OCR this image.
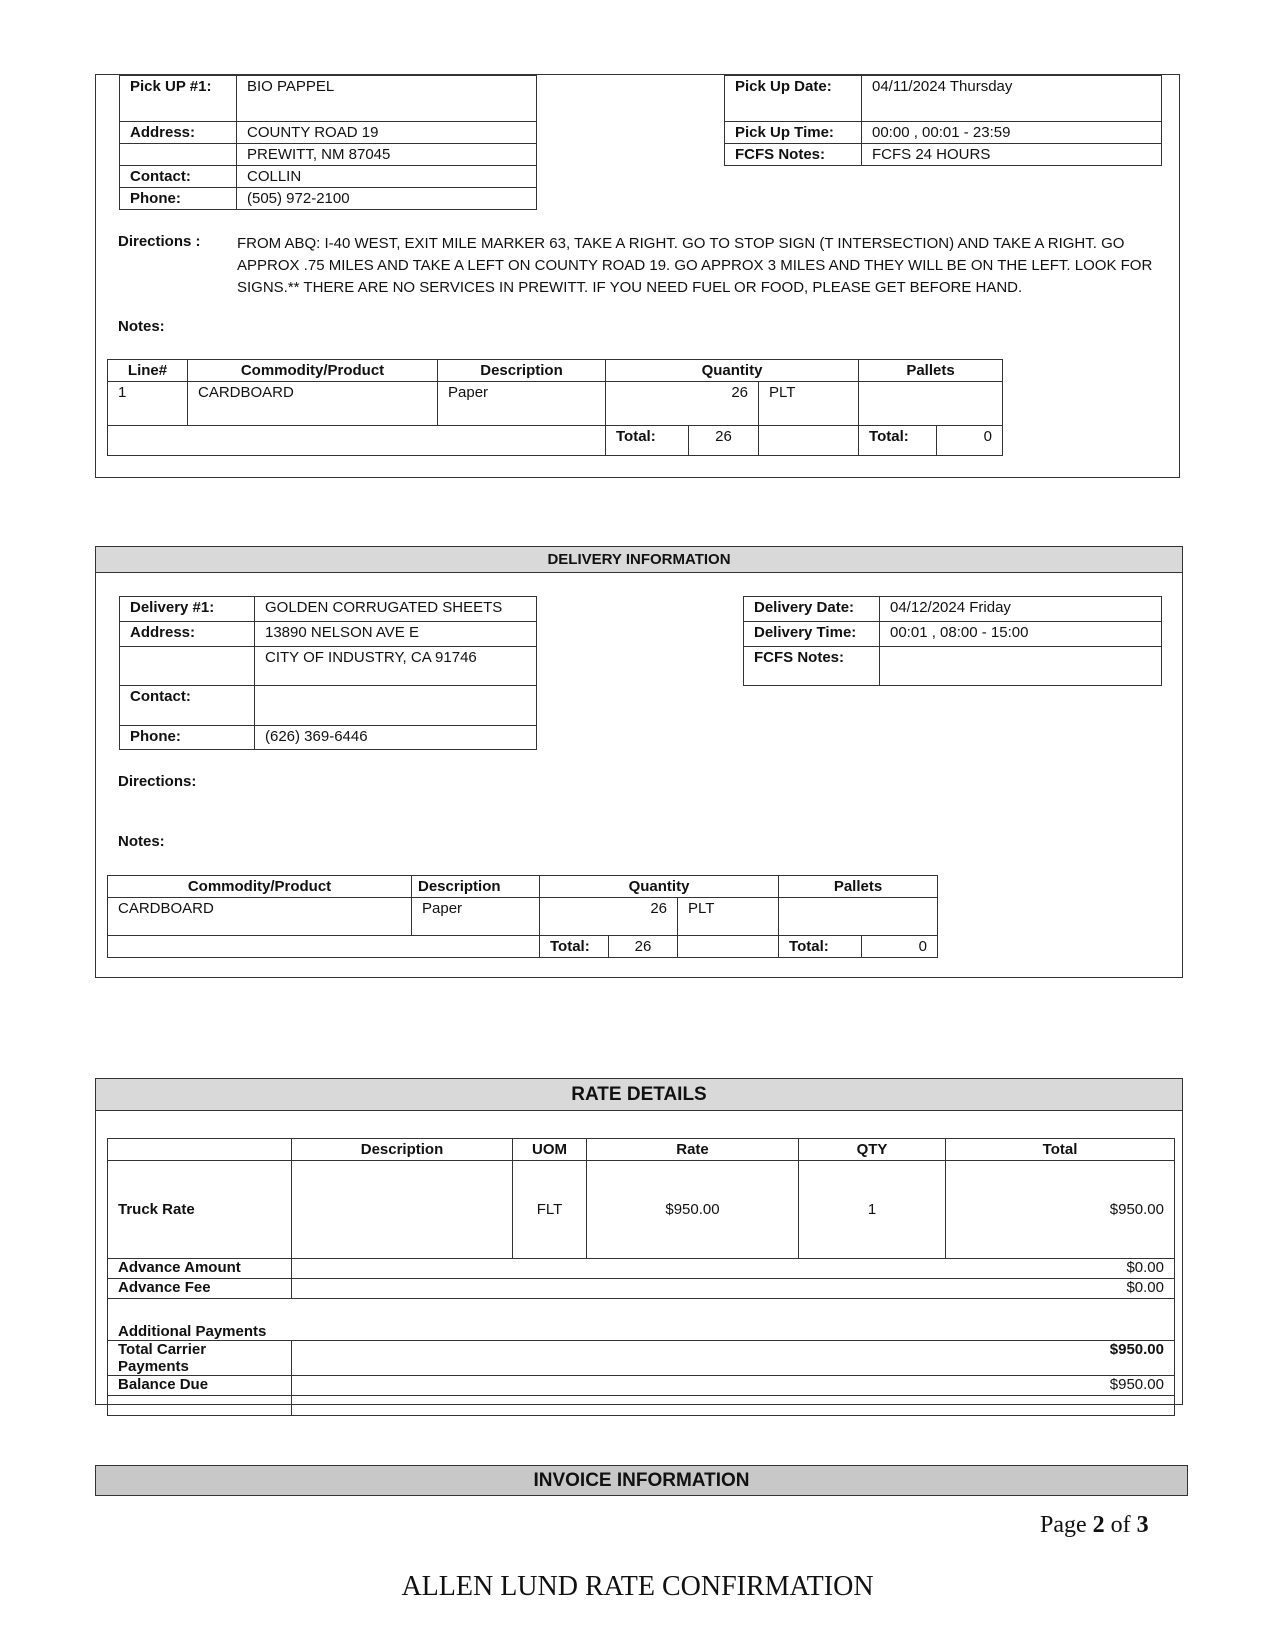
Pick UP #1:	BIO PAPPEL
Address:	COUNTY ROAD 19
	PREWITT, NM 87045
Contact:	COLLIN
Phone:	(505) 972-2100
Pick Up Date:	04/11/2024 Thursday
Pick Up Time:	00:00 , 00:01 - 23:59
FCFS Notes:	FCFS 24 HOURS
Directions : FROM ABQ: I-40 WEST, EXIT MILE MARKER 63, TAKE A RIGHT. GO TO STOP SIGN (T INTERSECTION) AND TAKE A RIGHT. GO APPROX .75 MILES AND TAKE A LEFT ON COUNTY ROAD 19. GO APPROX 3 MILES AND THEY WILL BE ON THE LEFT. LOOK FOR SIGNS.** THERE ARE NO SERVICES IN PREWITT. IF YOU NEED FUEL OR FOOD, PLEASE GET BEFORE HAND.
Notes:
Line#	Commodity/Product	Description	Quantity			Pallets	
1	CARDBOARD	Paper	26		PLT		
			Total:	26		Total:	0
DELIVERY INFORMATION
Delivery #1:	GOLDEN CORRUGATED SHEETS
Address:	13890 NELSON AVE E
	CITY OF INDUSTRY, CA 91746
Contact:	
Phone:	(626) 369-6446
Delivery Date:	04/12/2024 Friday
Delivery Time:	00:01 , 08:00 - 15:00
FCFS Notes:	
Directions:
Notes:
Commodity/Product	Description	Quantity			Pallets	
CARDBOARD	Paper	26		PLT		
		Total:	26		Total:	0
RATE DETAILS
	Description	UOM	Rate	QTY	Total
Truck Rate		FLT	$950.00	1	$950.00
Advance Amount	$0.00				
Advance Fee	$0.00				
Additional Payments					
Total Carrier Payments	$950.00				
Balance Due	$950.00				

INVOICE INFORMATION
Page 2 of 3
ALLEN LUND RATE CONFIRMATION
